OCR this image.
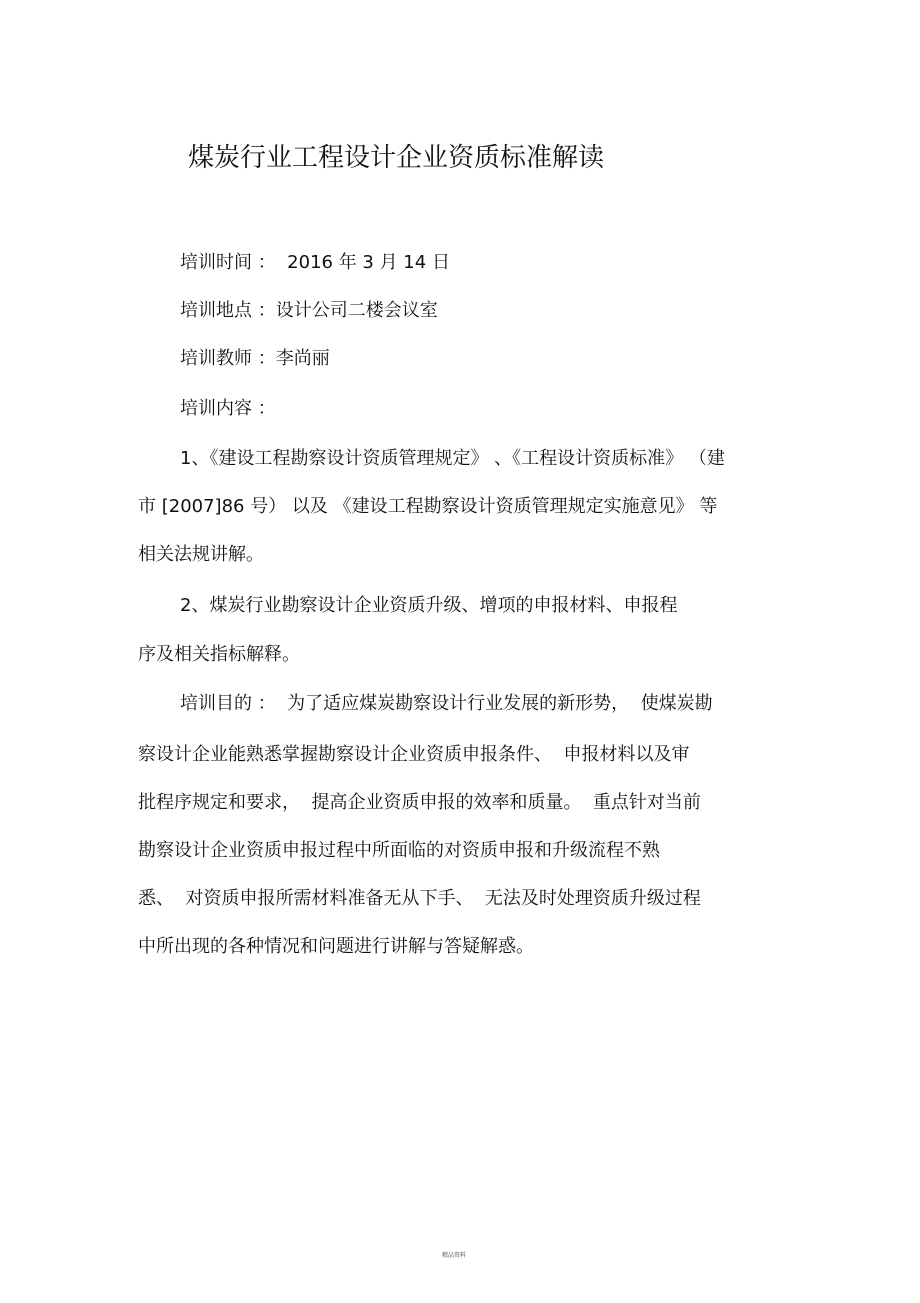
煤炭行业工程设计企业资质标准解读
培训时间 ：  2016 年 3 月 14 日
培训地点 ：设计公司二楼会议室
培训教师 ：李尚丽
培训内容 ：
1、《建设工程勘察设计资质管理规定》 、《工程设计资质标准》 （建
市 [2007]86 号） 以及 《建设工程勘察设计资质管理规定实施意见》 等
相关法规讲解。
2、煤炭行业勘察设计企业资质升级、增项的申报材料、申报程
序及相关指标解释。
培训目的 ：  为了适应煤炭勘察设计行业发展的新形势，  使煤炭勘
察设计企业能熟悉掌握勘察设计企业资质申报条件、  申报材料以及审
批程序规定和要求，  提高企业资质申报的效率和质量。  重点针对当前
勘察设计企业资质申报过程中所面临的对资质申报和升级流程不熟
悉、  对资质申报所需材料准备无从下手、  无法及时处理资质升级过程
中所出现的各种情况和问题进行讲解与答疑解惑。
精品资料
